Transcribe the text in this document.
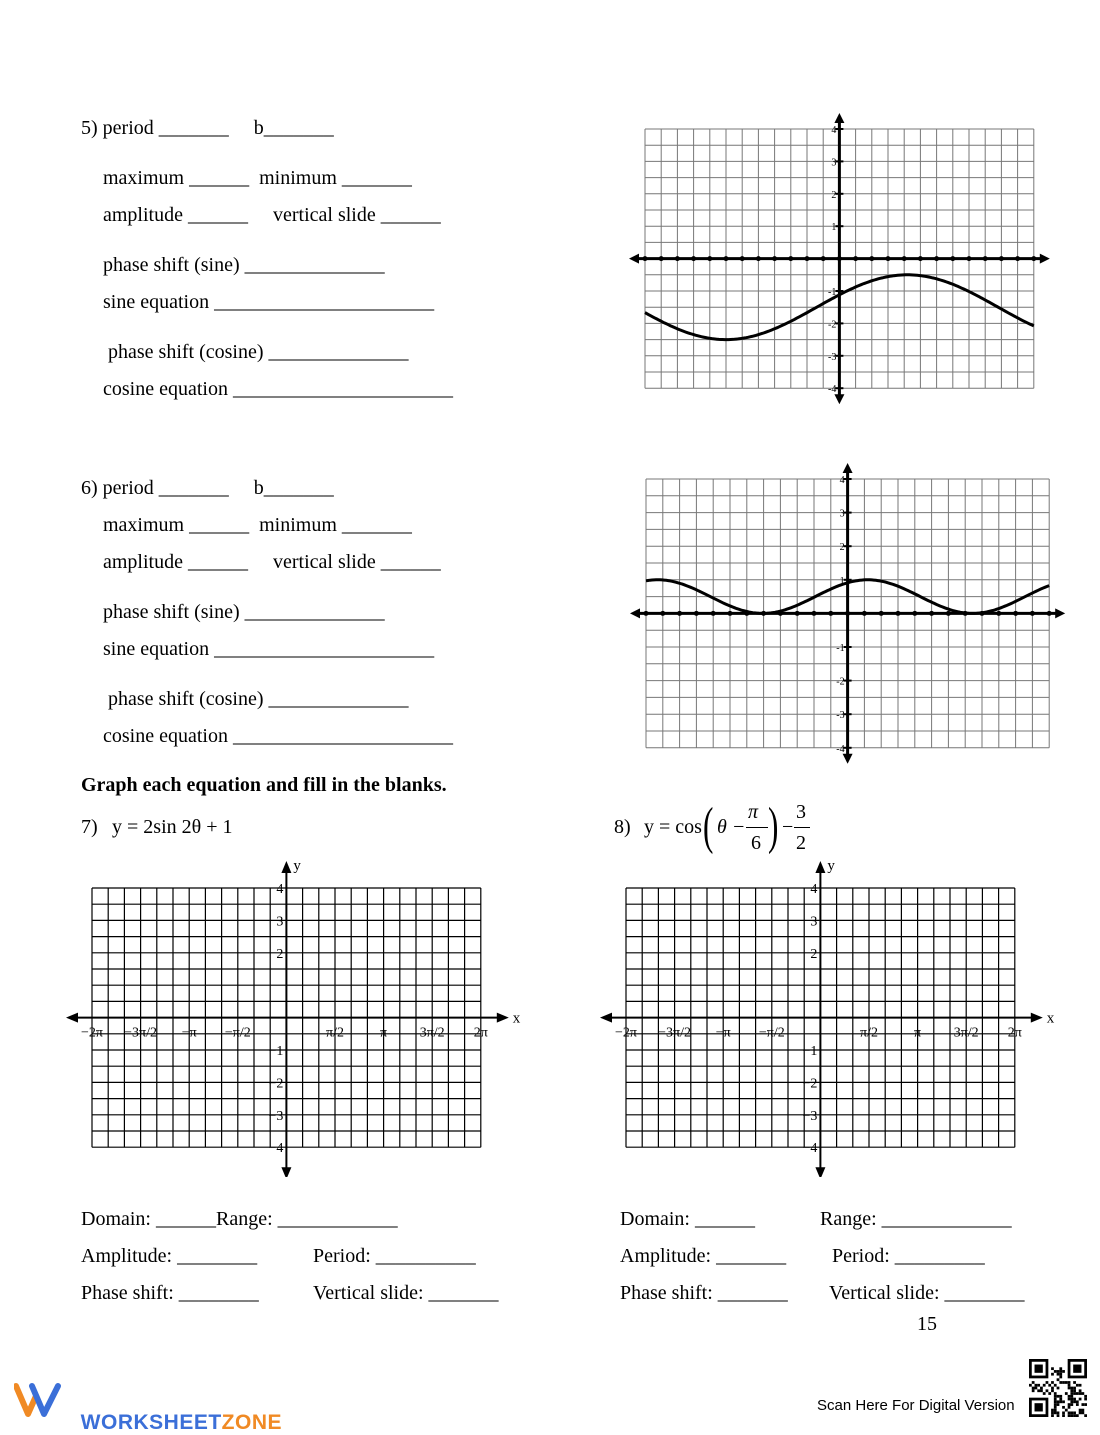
5) period _______     b_______
maximum ______  minimum _______
amplitude ______     vertical slide ______
phase shift (sine) ______________
sine equation ______________________
phase shift (cosine) ______________
cosine equation ______________________
6) period _______     b_______
maximum ______  minimum _______
amplitude ______     vertical slide ______
phase shift (sine) ______________
sine equation ______________________
phase shift (cosine) ______________
cosine equation ______________________
4
3
2
1
-1
-2
-3
-4
4
3
2
1
-1
-2
-3
-4
Graph each equation and fill in the blanks.
7) y = 2sin 2θ + 1	8) y = cos ( θ −
π
6 ) −
3
2
x
y
−2π −3π/2 −π −π/2	π/2	π 3π/2 2π
4
3
2
−1
−2
−3
−4
x
y
−2π −3π/2 −π −π/2	π/2	π 3π/2 2π
4
3
2
−1
−2
−3
−4
Domain: ______Range: ____________
Amplitude: ________	Period: __________
Phase shift: ________	Vertical slide: _______
Domain: ______	Range: _____________
Amplitude: _______ Period: _________
Phase shift: _______ Vertical slide: ________
15

WORKSHEETZONE

Scan Here For Digital Version
